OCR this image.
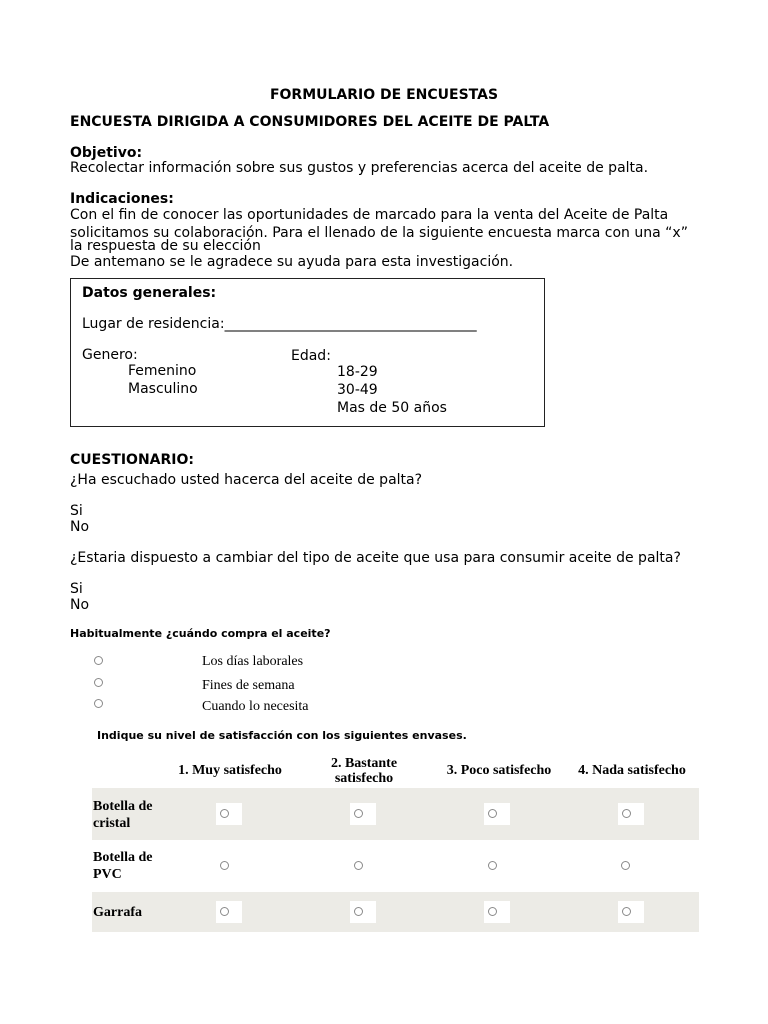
FORMULARIO DE ENCUESTAS
ENCUESTA DIRIGIDA A CONSUMIDORES DEL ACEITE DE PALTA
Objetivo:
Recolectar información sobre sus gustos y preferencias acerca del aceite de palta.
Indicaciones:
Con el fin de conocer las oportunidades de marcado para la venta del Aceite de Palta
solicitamos su colaboración. Para el llenado de la siguiente encuesta marca con una “x”
la respuesta de su elección
De antemano se le agradece su ayuda para esta investigación.
Datos generales:
Lugar de residencia:____________________________________
Genero:
Femenino
Masculino
Edad:
18-29
30-49
Mas de 50 años
CUESTIONARIO:
¿Ha escuchado usted hacerca del aceite de palta?
Si
No
¿Estaria dispuesto a cambiar del tipo de aceite que usa para consumir aceite de palta?
Si
No
Habitualmente ¿cuándo compra el aceite?
Los días laborales
Fines de semana
Cuando lo necesita
Indique su nivel de satisfacción con los siguientes envases.
1. Muy satisfecho	2. Bastante satisfecho
3. Poco satisfecho	4. Nada satisfecho
Botella de cristal
Botella de PVC
Garrafa
